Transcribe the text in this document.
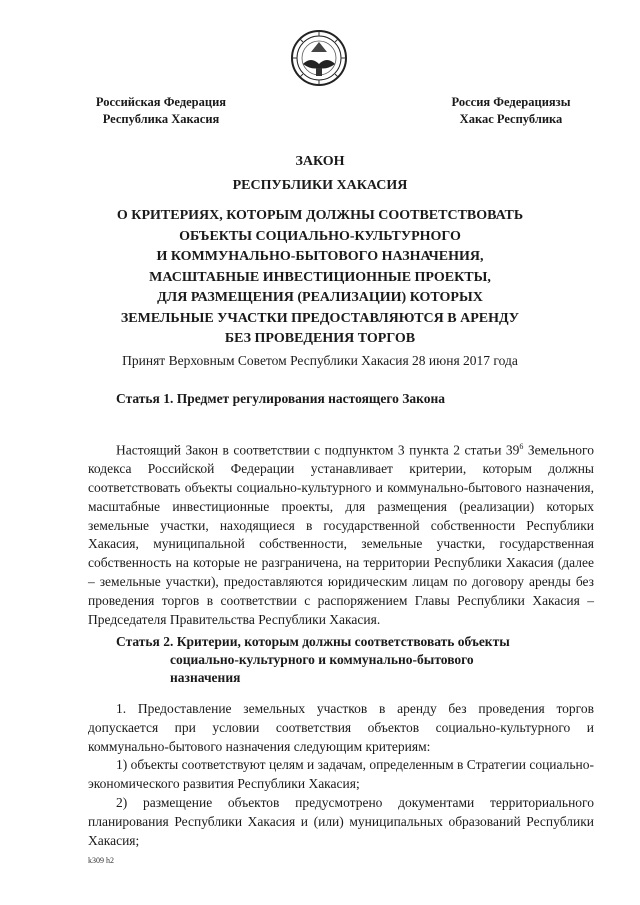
Российская Федерация
Республика Хакасия
Россия Федерациязы
Хакас Республика
ЗАКОН
РЕСПУБЛИКИ ХАКАСИЯ
О КРИТЕРИЯХ, КОТОРЫМ ДОЛЖНЫ СООТВЕТСТВОВАТЬ
ОБЪЕКТЫ СОЦИАЛЬНО-КУЛЬТУРНОГО
И КОММУНАЛЬНО-БЫТОВОГО НАЗНАЧЕНИЯ,
МАСШТАБНЫЕ ИНВЕСТИЦИОННЫЕ ПРОЕКТЫ,
ДЛЯ РАЗМЕЩЕНИЯ (РЕАЛИЗАЦИИ) КОТОРЫХ
ЗЕМЕЛЬНЫЕ УЧАСТКИ ПРЕДОСТАВЛЯЮТСЯ В АРЕНДУ
БЕЗ ПРОВЕДЕНИЯ ТОРГОВ
Принят Верховным Советом Республики Хакасия 28 июня 2017 года
Статья 1. Предмет регулирования настоящего Закона
Настоящий Закон в соответствии с подпунктом 3 пункта 2 статьи $39^6$ Земельного кодекса Российской Федерации устанавливает критерии, которым должны соответствовать объекты социально-культурного и коммунально-бытового назначения, масштабные инвестиционные проекты, для размещения (реализации) которых земельные участки, находящиеся в государственной собственности Республики Хакасия, муниципальной собственности, земельные участки, государственная собственность на которые не разграничена, на территории Республики Хакасия (далее – земельные участки), предоставляются юридическим лицам по договору аренды без проведения торгов в соответствии с распоряжением Главы Республики Хакасия – Председателя Правительства Республики Хакасия.
Статья 2. Критерии, которым должны соответствовать объекты
социально-культурного и коммунально-бытового
назначения
1. Предоставление земельных участков в аренду без проведения торгов допускается при условии соответствия объектов социально-культурного и коммунально-бытового назначения следующим критериям:
1) объекты соответствуют целям и задачам, определенным в Стратегии социально-экономического развития Республики Хакасия;
2) размещение объектов предусмотрено документами территориального планирования Республики Хакасия и (или) муниципальных образований Республики Хакасия;
k309 h2
